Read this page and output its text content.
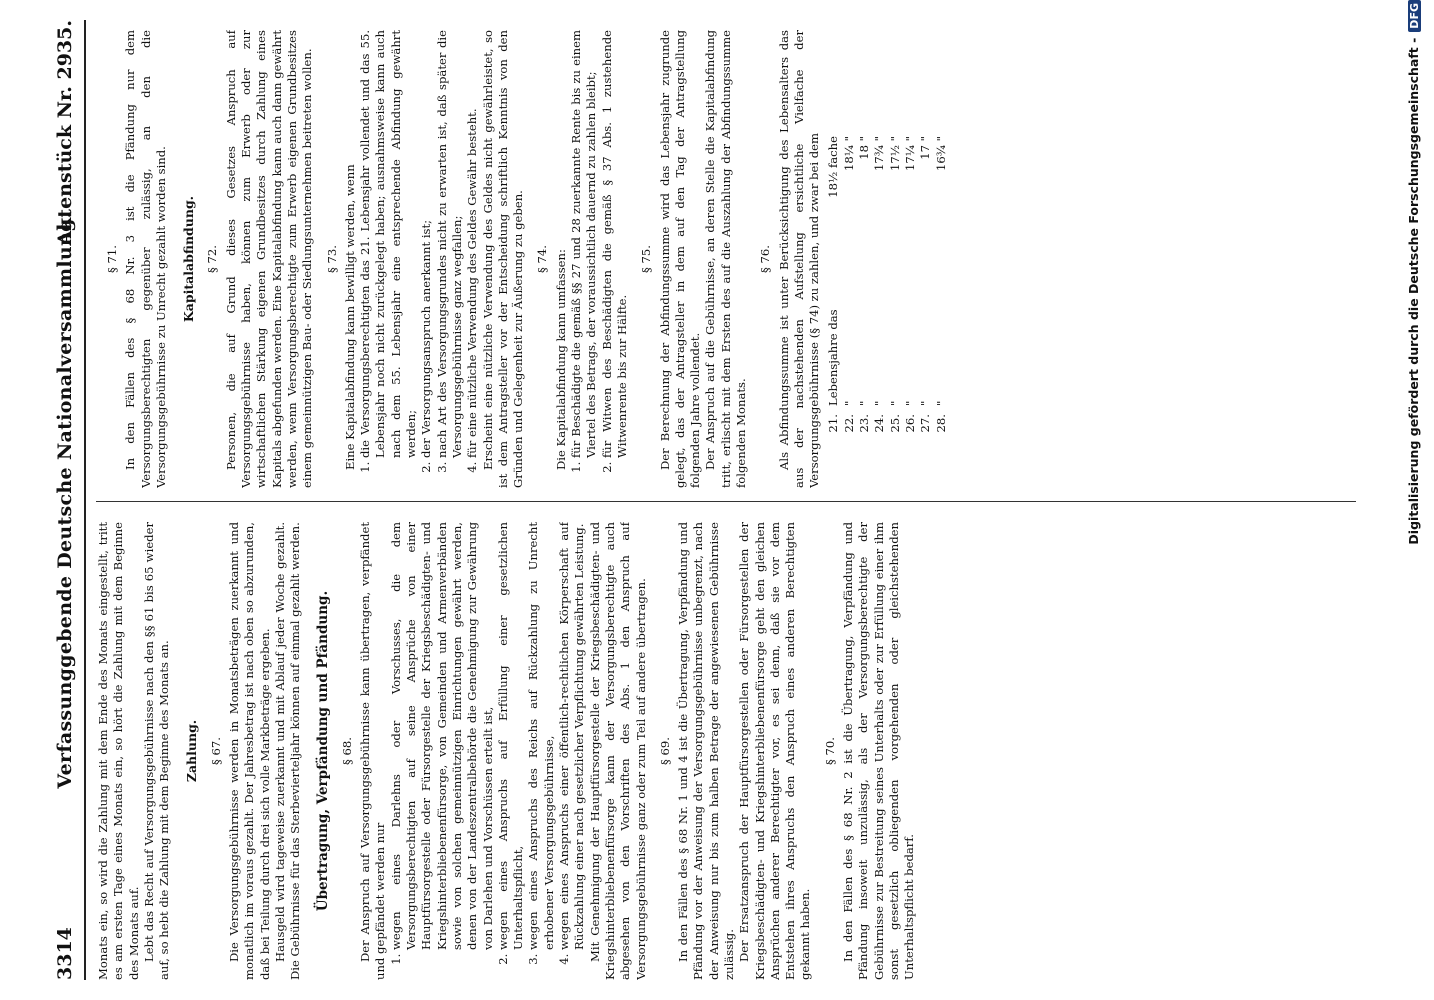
3314
Verfassunggebende Deutsche Nationalversammlung.
Aktenstück Nr. 2935.

Monats ein, so wird die Zahlung mit dem Ende des Monats eingestellt, tritt es am ersten Tage eines Monats ein, so hört die Zahlung mit dem Beginne des Monats auf. Lebt das Recht auf Versorgungsgebührnisse nach den §§ 61 bis 65 wieder auf, so hebt die Zahlung mit dem Beginne des Monats an. Zahlung. § 67. Die Versorgungsgebührnisse werden in Monatsbeträgen zuerkannt und monatlich im voraus gezahlt. Der Jahresbetrag ist nach oben so abzurunden, daß bei Teilung durch drei sich volle Markbeträge ergeben. Hausgeld wird tageweise zuerkannt und mit Ablauf jeder Woche gezahlt. Die Gebührnisse für das Sterbevierteljahr können auf einmal gezahlt werden. Übertragung, Verpfändung und Pfändung. § 68. Der Anspruch auf Versorgungsgebührnisse kann übertragen, verpfändet und gepfändet werden nur 1. wegen eines Darlehns oder Vorschusses, die dem Versorgungsberechtigten auf seine Ansprüche von einer Hauptfürsorgestelle oder Fürsorgestelle der Kriegsbeschädigten- und Kriegshinterbliebenenfürsorge, von Gemeinden und Armenverbänden sowie von solchen gemeinnützigen Einrichtungen gewährt werden, denen von der Landeszentralbehörde die Genehmigung zur Gewährung von Darlehen und Vorschüssen erteilt ist, 2. wegen eines Anspruchs auf Erfüllung einer gesetzlichen Unterhaltspflicht, 3. wegen eines Anspruchs des Reichs auf Rückzahlung zu Unrecht erhobener Versorgungsgebührnisse, 4. wegen eines Anspruchs einer öffentlich-rechtlichen Körperschaft auf Rückzahlung einer nach gesetzlicher Verpflichtung gewährten Leistung. Mit Genehmigung der Hauptfürsorgestelle der Kriegsbeschädigten- und Kriegshinterbliebenenfürsorge kann der Versorgungsberechtigte auch abgesehen von den Vorschriften des Abs. 1 den Anspruch auf Versorgungsgebührnisse ganz oder zum Teil auf andere übertragen. § 69. In den Fällen des § 68 Nr. 1 und 4 ist die Übertragung, Verpfändung und Pfändung vor der Anweisung der Versorgungsgebührnisse unbegrenzt, nach der Anweisung nur bis zum halben Betrage der angewiesenen Gebührnisse zulässig. Der Ersatzanspruch der Hauptfürsorgestellen oder Fürsorgestellen der Kriegsbeschädigten- und Kriegshinterbliebenenfürsorge geht den gleichen Ansprüchen anderer Berechtigter vor, es sei denn, daß sie vor dem Entstehen ihres Anspruchs den Anspruch eines anderen Berechtigten gekannt haben.

§ 70. In den Fällen des § 68 Nr. 2 ist die Übertragung, Verpfändung und Pfändung insoweit unzulässig, als der Versorgungsberechtigte der Gebührnisse zur Bestreitung seines Unterhalts oder zur Erfüllung einer ihm sonst gesetzlich obliegenden vorgehenden oder gleichstehenden Unterhaltspflicht bedarf.

§ 71. In den Fällen des § 68 Nr. 3 ist die Pfändung nur dem Versorgungsberechtigten gegenüber zulässig, an den die Versorgungsgebührnisse zu Unrecht gezahlt worden sind. Kapitalabfindung. § 72. Personen, die auf Grund dieses Gesetzes Anspruch auf Versorgungsgebührnisse haben, können zum Erwerb oder zur wirtschaftlichen Stärkung eigenen Grundbesitzes durch Zahlung eines Kapitals abgefunden werden. Eine Kapitalabfindung kann auch dann gewährt werden, wenn Versorgungsberechtigte zum Erwerb eigenen Grundbesitzes einem gemeinnützigen Bau- oder Siedlungsunternehmen beitreten wollen. § 73. Eine Kapitalabfindung kann bewilligt werden, wenn 1. die Versorgungsberechtigten das 21. Lebensjahr vollendet und das 55. Lebensjahr noch nicht zurückgelegt haben; ausnahmsweise kann auch nach dem 55. Lebensjahr eine entsprechende Abfindung gewährt werden; 2. der Versorgungsanspruch anerkannt ist; 3. nach Art des Versorgungsgrundes nicht zu erwarten ist, daß später die Versorgungsgebührnisse ganz wegfallen; 4. für eine nützliche Verwendung des Geldes Gewähr besteht. Erscheint eine nützliche Verwendung des Geldes nicht gewährleistet, so ist dem Antragsteller vor der Entscheidung schriftlich Kenntnis von den Gründen und Gelegenheit zur Äußerung zu geben. § 74. Die Kapitalabfindung kann umfassen: 1. für Beschädigte die gemäß §§ 27 und 28 zuerkannte Rente bis zu einem Viertel des Betrags, der voraussichtlich dauernd zu zahlen bleibt; 2. für Witwen des Beschädigten die gemäß § 37 Abs. 1 zustehende Witwenrente bis zur Hälfte.
§ 75. Der Berechnung der Abfindungssumme wird das Lebensjahr zugrunde gelegt, das der Antragsteller in dem auf den Tag der Antragstellung folgenden Jahre vollendet. Der Anspruch auf die Gebührnisse, an deren Stelle die Kapitalabfindung tritt, erlischt mit dem Ersten des auf die Auszahlung der Abfindungssumme folgenden Monats.

§ 76. Als Abfindungssumme ist unter Berücksichtigung des Lebensalters das aus der nachstehenden Aufstellung ersichtliche Vielfache der Versorgungsgebührnisse (§ 74) zu zahlen, und zwar bei dem 21.
Lebensjahre das
18½ fache
22.
"
18¼ "
23.
"
18 "
24.
"
17¾ "
25.
"
17½ "
26.
"
17¼ "
27.
"
17 "
28.
"
16¾ "	Digitalisierung gefördert durch die Deutsche Forschungsgemeinschaft -DFG
